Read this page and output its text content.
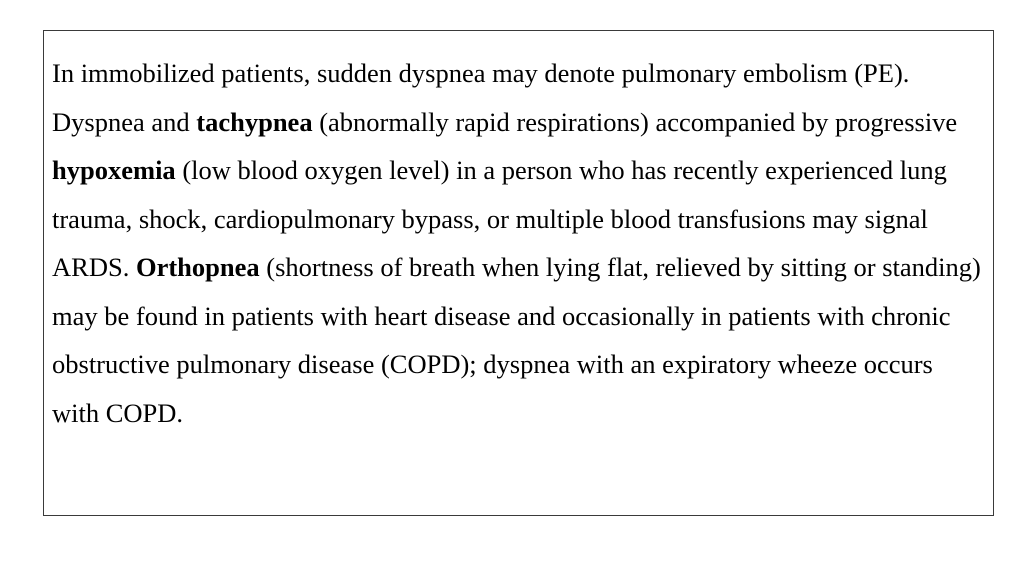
In immobilized patients, sudden dyspnea may denote pulmonary embolism (PE). Dyspnea and tachypnea (abnormally rapid respirations) accompanied by progressive hypoxemia (low blood oxygen level) in a person who has recently experienced lung trauma, shock, cardiopulmonary bypass, or multiple blood transfusions may signal ARDS. Orthopnea (shortness of breath when lying flat, relieved by sitting or standing) may be found in patients with heart disease and occasionally in patients with chronic obstructive pulmonary disease (COPD); dyspnea with an expiratory wheeze occurs with COPD.
